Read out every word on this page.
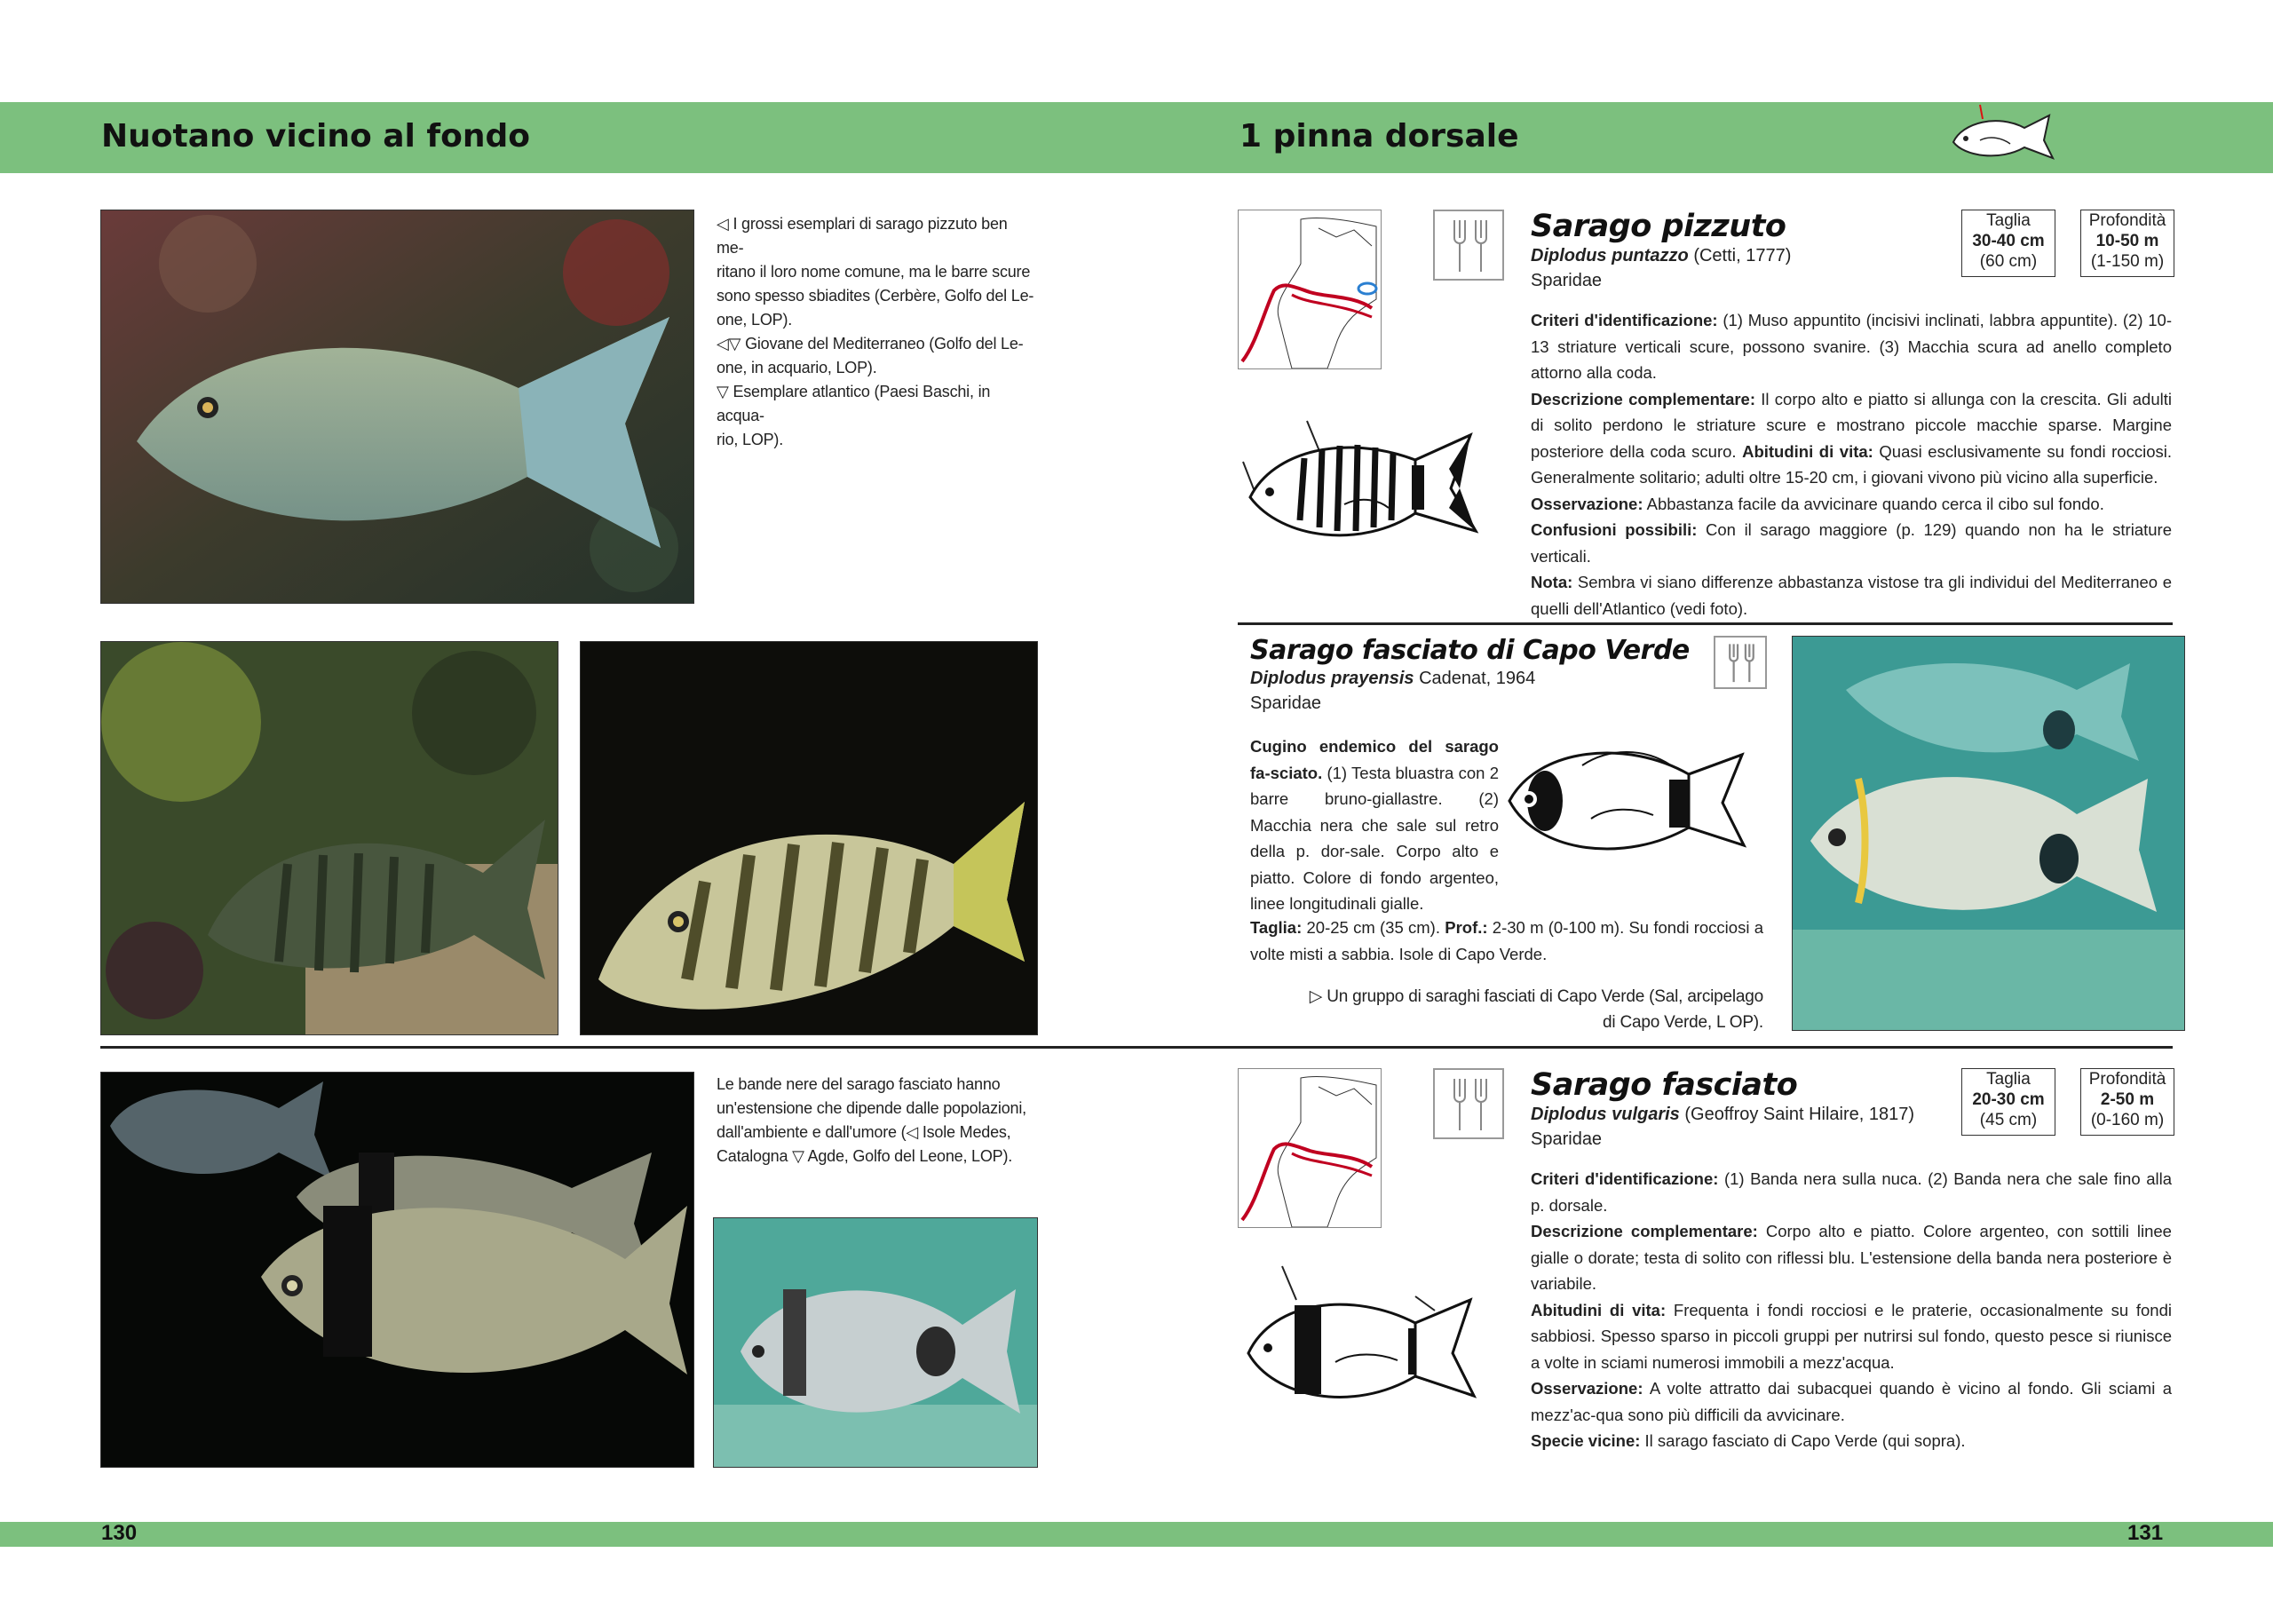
Nuotano vicino al fondo	1 pinna dorsale

◁ I grossi esemplari di sarago pizzuto ben me-

ritano il loro nome comune, ma le barre scure

sono spesso sbiadites (Cerbère, Golfo del Le-

one, LOP).

◁▽ Giovane del Mediterraneo (Golfo del Le-

one, in acquario, LOP).

▽ Esemplare atlantico (Paesi Baschi, in acqua-

rio, LOP).

Le bande nere del sarago fasciato hanno

un'estensione che dipende dalle popolazioni,

dall'ambiente e dall'umore (◁ Isole Medes,

Catalogna ▽ Agde, Golfo del Leone, LOP).

Sarago pizzuto
Diplodus puntazzo (Cetti, 1777)
Sparidae
Taglia
30-40 cm
(60 cm)
Profondità
10-50 m
(1-150 m)

Criteri d'identificazione: (1) Muso appuntito (incisivi inclinati, labbra appuntite). (2) 10-13 striature verticali scure, possono svanire. (3) Macchia scura ad anello completo attorno alla coda.

Descrizione complementare: Il corpo alto e piatto si allunga con la crescita. Gli adulti di solito perdono le striature scure e mostrano piccole macchie sparse. Margine posteriore della coda scuro. Abitudini di vita: Quasi esclusivamente su fondi rocciosi. Generalmente solitario; adulti oltre 15-20 cm, i giovani vivono più vicino alla superficie.

Osservazione: Abbastanza facile da avvicinare quando cerca il cibo sul fondo.

Confusioni possibili: Con il sarago maggiore (p. 129) quando non ha le striature verticali.

Nota: Sembra vi siano differenze abbastanza vistose tra gli individui del Mediterraneo e quelli dell'Atlantico (vedi foto).

Sarago fasciato di Capo Verde
Diplodus prayensis Cadenat, 1964
Sparidae

Cugino endemico del sarago fa-sciato. (1) Testa bluastra con 2 barre bruno-giallastre. (2) Macchia nera che sale sul retro della p. dor-sale. Corpo alto e piatto. Colore di fondo argenteo, linee longitudinali gialle.

Taglia: 20-25 cm (35 cm). Prof.: 2-30 m (0-100 m). Su fondi rocciosi a volte misti a sabbia. Isole di Capo Verde.

▷ Un gruppo di saraghi fasciati di Capo Verde (Sal, arcipelago

di Capo Verde, L OP).

Sarago fasciato
Diplodus vulgaris (Geoffroy Saint Hilaire, 1817)
Sparidae
Taglia
20-30 cm
(45 cm)
Profondità
2-50 m
(0-160 m)

Criteri d'identificazione: (1) Banda nera sulla nuca. (2) Banda nera che sale fino alla p. dorsale.

Descrizione complementare: Corpo alto e piatto. Colore argenteo, con sottili linee gialle o dorate; testa di solito con riflessi blu. L'estensione della banda nera posteriore è variabile.

Abitudini di vita: Frequenta i fondi rocciosi e le praterie, occasionalmente su fondi sabbiosi. Spesso sparso in piccoli gruppi per nutrirsi sul fondo, questo pesce si riunisce a volte in sciami numerosi immobili a mezz'acqua.

Osservazione: A volte attratto dai subacquei quando è vicino al fondo. Gli sciami a mezz'ac-qua sono più difficili da avvicinare.

Specie vicine: Il sarago fasciato di Capo Verde (qui sopra).

130	131
